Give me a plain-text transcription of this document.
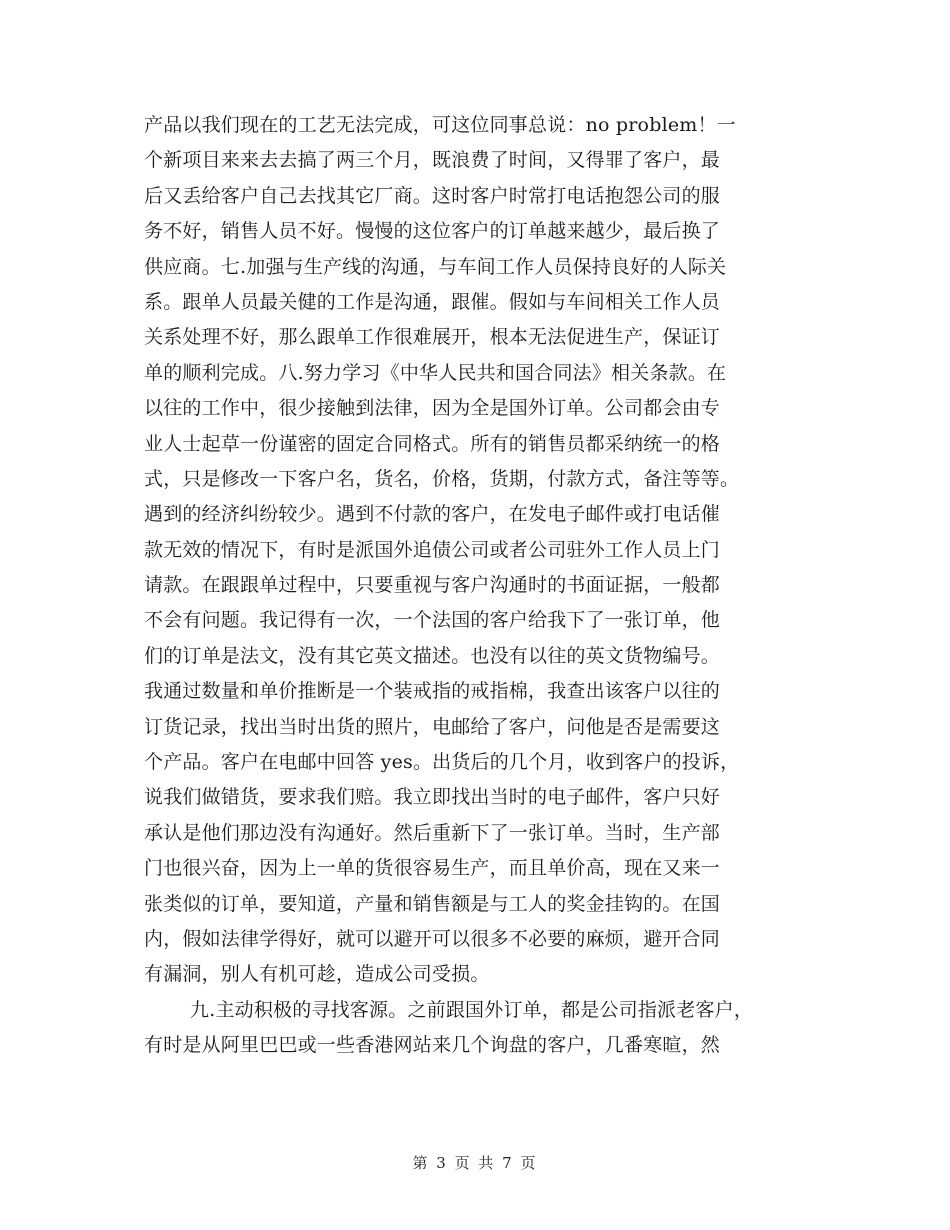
产品以我们现在的工艺无法完成，可这位同事总说：no problem！一
个新项目来来去去搞了两三个月，既浪费了时间，又得罪了客户，最
后又丢给客户自己去找其它厂商。这时客户时常打电话抱怨公司的服
务不好，销售人员不好。慢慢的这位客户的订单越来越少，最后换了
供应商。七.加强与生产线的沟通，与车间工作人员保持良好的人际关
系。跟单人员最关健的工作是沟通，跟催。假如与车间相关工作人员
关系处理不好，那么跟单工作很难展开，根本无法促进生产，保证订
单的顺利完成。八.努力学习《中华人民共和国合同法》相关条款。在
以往的工作中，很少接触到法律，因为全是国外订单。公司都会由专
业人士起草一份谨密的固定合同格式。所有的销售员都采纳统一的格
式，只是修改一下客户名，货名，价格，货期，付款方式，备注等等。
遇到的经济纠纷较少。遇到不付款的客户，在发电子邮件或打电话催
款无效的情况下，有时是派国外追债公司或者公司驻外工作人员上门
请款。在跟跟单过程中，只要重视与客户沟通时的书面证据，一般都
不会有问题。我记得有一次，一个法国的客户给我下了一张订单，他
们的订单是法文，没有其它英文描述。也没有以往的英文货物编号。
我通过数量和单价推断是一个装戒指的戒指棉，我查出该客户以往的
订货记录，找出当时出货的照片，电邮给了客户，问他是否是需要这
个产品。客户在电邮中回答 yes。出货后的几个月，收到客户的投诉，
说我们做错货，要求我们赔。我立即找出当时的电子邮件，客户只好
承认是他们那边没有沟通好。然后重新下了一张订单。当时，生产部
门也很兴奋，因为上一单的货很容易生产，而且单价高，现在又来一
张类似的订单，要知道，产量和销售额是与工人的奖金挂钩的。在国
内，假如法律学得好，就可以避开可以很多不必要的麻烦，避开合同
有漏洞，别人有机可趁，造成公司受损。
九.主动积极的寻找客源。之前跟国外订单，都是公司指派老客户，
有时是从阿里巴巴或一些香港网站来几个询盘的客户，几番寒暄，然
第 3 页 共 7 页
